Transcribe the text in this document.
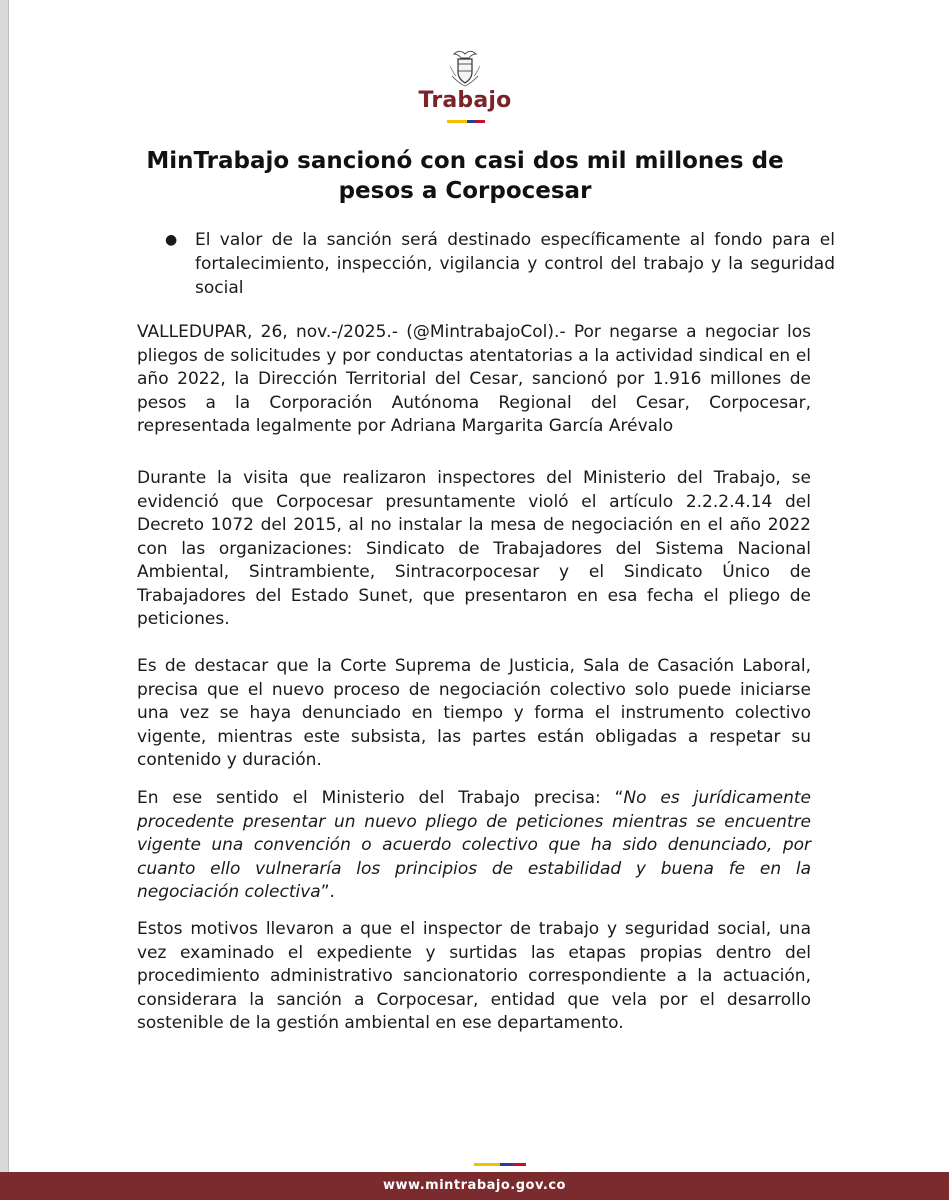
Trabajo
MinTrabajo sancionó con casi dos mil millones de pesos a Corpocesar
● El valor de la sanción será destinado específicamente al fondo para el fortalecimiento, inspección, vigilancia y control del trabajo y la seguridad social
VALLEDUPAR, 26, nov.-/2025.- (@MintrabajoCol).- Por negarse a negociar los pliegos de solicitudes y por conductas atentatorias a la actividad sindical en el año 2022, la Dirección Territorial del Cesar, sancionó por 1.916 millones de pesos a la Corporación Autónoma Regional del Cesar, Corpocesar, representada legalmente por Adriana Margarita García Arévalo
Durante la visita que realizaron inspectores del Ministerio del Trabajo, se evidenció que Corpocesar presuntamente violó el artículo 2.2.2.4.14 del Decreto 1072 del 2015, al no instalar la mesa de negociación en el año 2022 con las organizaciones: Sindicato de Trabajadores del Sistema Nacional Ambiental, Sintrambiente, Sintracorpocesar y el Sindicato Único de Trabajadores del Estado Sunet, que presentaron en esa fecha el pliego de peticiones.
Es de destacar que la Corte Suprema de Justicia, Sala de Casación Laboral, precisa que el nuevo proceso de negociación colectivo solo puede iniciarse una vez se haya denunciado en tiempo y forma el instrumento colectivo vigente, mientras este subsista, las partes están obligadas a respetar su contenido y duración.
En ese sentido el Ministerio del Trabajo precisa: “No es jurídicamente procedente presentar un nuevo pliego de peticiones mientras se encuentre vigente una convención o acuerdo colectivo que ha sido denunciado, por cuanto ello vulneraría los principios de estabilidad y buena fe en la negociación colectiva”.
Estos motivos llevaron a que el inspector de trabajo y seguridad social, una vez examinado el expediente y surtidas las etapas propias dentro del procedimiento administrativo sancionatorio correspondiente a la actuación, considerara la sanción a Corpocesar, entidad que vela por el desarrollo sostenible de la gestión ambiental en ese departamento.
www.mintrabajo.gov.co
